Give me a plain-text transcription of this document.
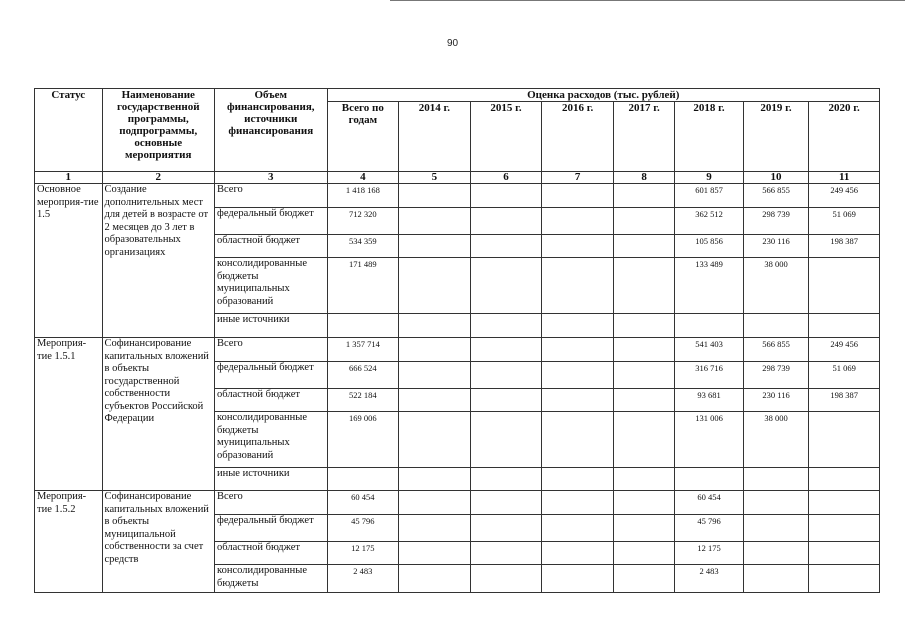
90
Статус	Наименование государственной программы, подпрограммы, основные мероприятия	Объем финансирования, источники финансирования	Оценка расходов (тыс. рублей)							
			Всего по годам	2014 г.	2015 г.	2016 г.	2017 г.	2018 г.	2019 г.	2020 г.
1	2	3	4	5	6	7	8	9	10	11
Основное мероприя-тие 1.5	Создание дополнительных мест для детей в возрасте от 2 месяцев до 3 лет в образовательных организациях	Всего	1 418 168					601 857	566 855	249 456
		федеральный бюджет	712 320					362 512	298 739	51 069
		областной бюджет	534 359					105 856	230 116	198 387
		консолидированные бюджеты муниципальных образований	171 489					133 489	38 000	
		иные источники								
Мероприя-тие 1.5.1	Софинансирование капитальных вложений в объекты государственной собственности субъектов Российской Федерации	Всего	1 357 714					541 403	566 855	249 456
		федеральный бюджет	666 524					316 716	298 739	51 069
		областной бюджет	522 184					93 681	230 116	198 387
		консолидированные бюджеты муниципальных образований	169 006					131 006	38 000	
		иные источники								
Мероприя-тие 1.5.2	Софинансирование капитальных вложений в объекты муниципальной собственности за счет средств	Всего	60 454					60 454		
		федеральный бюджет	45 796					45 796		
		областной бюджет	12 175					12 175		
		консолидированные бюджеты	2 483					2 483		
